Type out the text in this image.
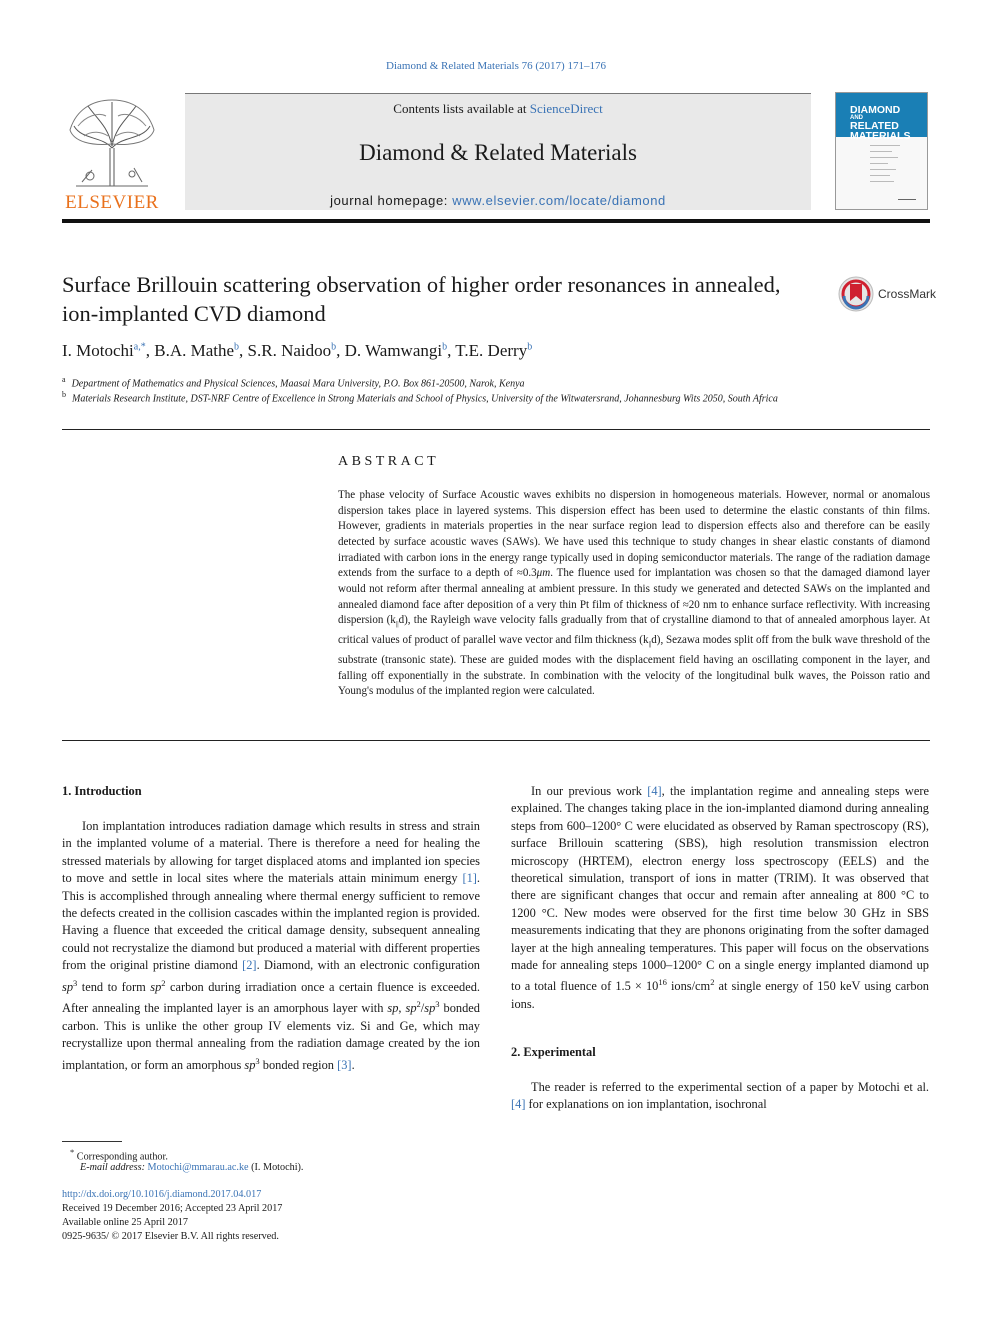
Diamond & Related Materials 76 (2017) 171–176
ELSEVIER
Contents lists available at ScienceDirect
Diamond & Related Materials
journal homepage: www.elsevier.com/locate/diamond
DIAMOND
AND
RELATED
MATERIALS
Surface Brillouin scattering observation of higher order resonances in annealed, ion-implanted CVD diamond
CrossMark
I. Motochi$^{a,*}$, B.A. Mathe$^b$, S.R. Naidoo$^b$, D. Wamwangi$^b$, T.E. Derry$^b$
$^a$ Department of Mathematics and Physical Sciences, Maasai Mara University, P.O. Box 861-20500, Narok, Kenya
$^b$ Materials Research Institute, DST-NRF Centre of Excellence in Strong Materials and School of Physics, University of the Witwatersrand, Johannesburg Wits 2050, South Africa
ABSTRACT
The phase velocity of Surface Acoustic waves exhibits no dispersion in homogeneous materials. However, normal or anomalous dispersion takes place in layered systems. This dispersion effect has been used to determine the elastic constants of thin films. However, gradients in materials properties in the near surface region lead to dispersion effects also and therefore can be easily detected by surface acoustic waves (SAWs). We have used this technique to study changes in shear elastic constants of diamond irradiated with carbon ions in the energy range typically used in doping semiconductor materials. The range of the radiation damage extends from the surface to a depth of ≈0.3μm. The fluence used for implantation was chosen so that the damaged diamond layer would not reform after thermal annealing at ambient pressure. In this study we generated and detected SAWs on the implanted and annealed diamond face after deposition of a very thin Pt film of thickness of ≈20 nm to enhance surface reflectivity. With increasing dispersion $(k_{||}d)$, the Rayleigh wave velocity falls gradually from that of crystalline diamond to that of annealed amorphous layer. At critical values of product of parallel wave vector and film thickness $(k_{||}d)$, Sezawa modes split off from the bulk wave threshold of the substrate (transonic state). These are guided modes with the displacement field having an oscillating component in the layer, and falling off exponentially in the substrate. In combination with the velocity of the longitudinal bulk waves, the Poisson ratio and Young's modulus of the implanted region were calculated.
1. Introduction

Ion implantation introduces radiation damage which results in stress and strain in the implanted volume of a material. There is therefore a need for healing the stressed materials by allowing for target displaced atoms and implanted ion species to move and settle in local sites where the materials attain minimum energy [1]. This is accomplished through annealing where thermal energy sufficient to remove the defects created in the collision cascades within the implanted region is provided. Having a fluence that exceeded the critical damage density, subsequent annealing could not recrystalize the diamond but produced a material with different properties from the original pristine diamond [2]. Diamond, with an electronic configuration $sp^3$ tend to form $sp^2$ carbon during irradiation once a certain fluence is exceeded. After annealing the implanted layer is an amorphous layer with sp, $sp^2/sp^3$ bonded carbon. This is unlike the other group IV elements viz. Si and Ge, which may recrystallize upon thermal annealing from the radiation damage created by the ion implantation, or form an amorphous $sp^3$ bonded region [3].

In our previous work [4], the implantation regime and annealing steps were explained. The changes taking place in the ion-implanted diamond during annealing steps from 600–1200° C were elucidated as observed by Raman spectroscopy (RS), surface Brillouin scattering (SBS), high resolution transmission electron microscopy (HRTEM), electron energy loss spectroscopy (EELS) and the theoretical simulation, transport of ions in matter (TRIM). It was observed that there are significant changes that occur and remain after annealing at 800 °C to 1200 °C. New modes were observed for the first time below 30 GHz in SBS measurements indicating that they are phonons originating from the softer damaged layer at the high annealing temperatures. This paper will focus on the observations made for annealing steps 1000–1200° C on a single energy implanted diamond up to a total fluence of $1.5 \times 10^{16}$ ions/$cm^2$ at single energy of 150 keV using carbon ions.

2. Experimental

The reader is referred to the experimental section of a paper by Motochi et al. [4] for explanations on ion implantation, isochronal

* Corresponding author.
E-mail address: Motochi@mmarau.ac.ke (I. Motochi).
http://dx.doi.org/10.1016/j.diamond.2017.04.017
Received 19 December 2016; Accepted 23 April 2017
Available online 25 April 2017
0925-9635/ © 2017 Elsevier B.V. All rights reserved.
